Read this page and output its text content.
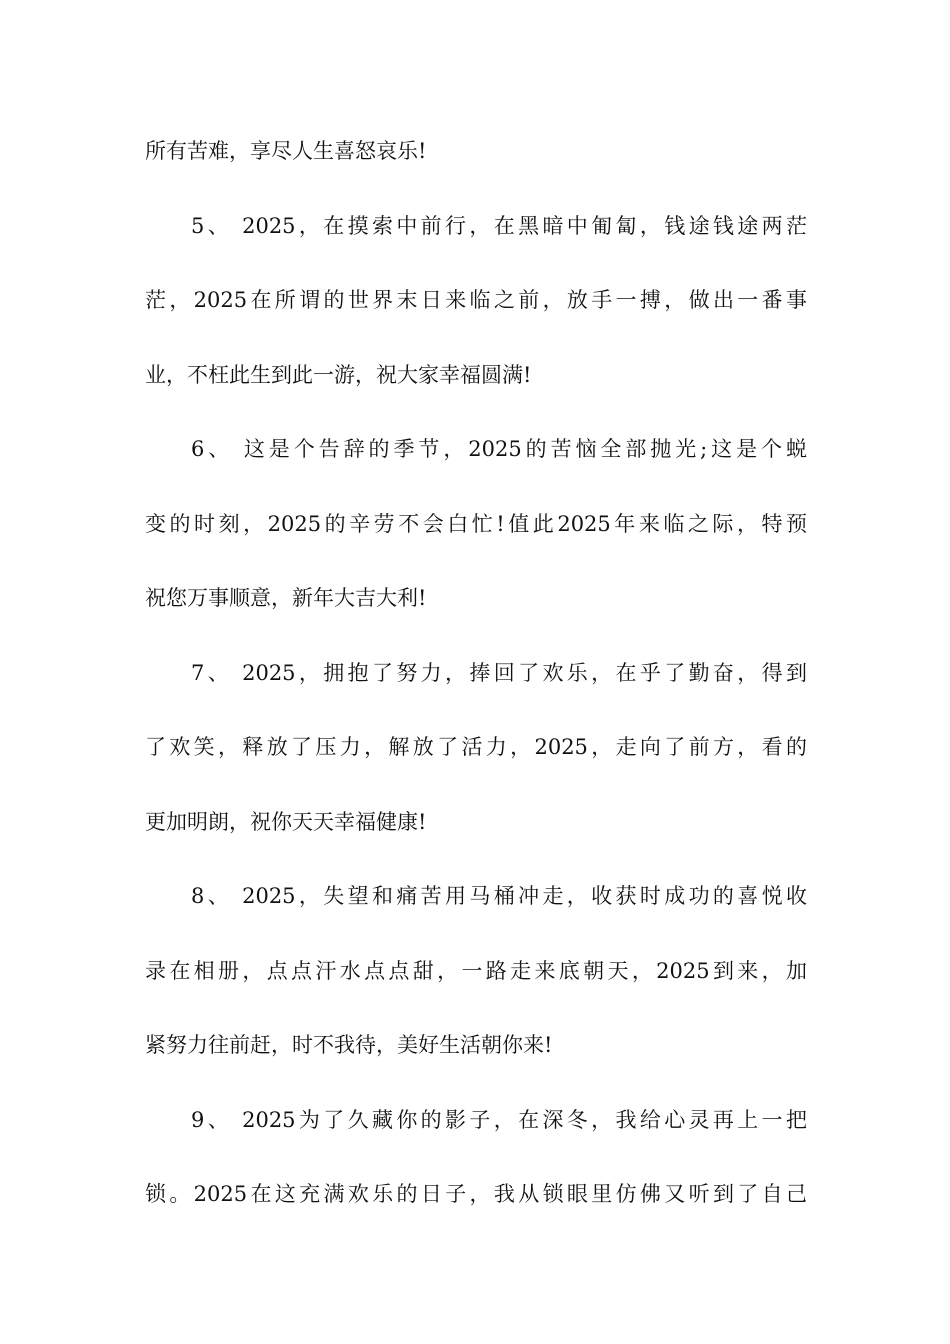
所有苦难，享尽人生喜怒哀乐!
5、 2025，在摸索中前行，在黑暗中匍匐，钱途钱途两茫
茫，2025在所谓的世界末日来临之前，放手一搏，做出一番事
业，不枉此生到此一游，祝大家幸福圆满!
6、 这是个告辞的季节，2025的苦恼全部抛光;这是个蜕
变的时刻，2025的辛劳不会白忙!值此2025年来临之际，特预
祝您万事顺意，新年大吉大利!
7、 2025，拥抱了努力，捧回了欢乐，在乎了勤奋，得到
了欢笑，释放了压力，解放了活力，2025，走向了前方，看的
更加明朗，祝你天天幸福健康!
8、 2025，失望和痛苦用马桶冲走，收获时成功的喜悦收
录在相册，点点汗水点点甜，一路走来底朝天，2025到来，加
紧努力往前赶，时不我待，美好生活朝你来!
9、 2025为了久藏你的影子，在深冬，我给心灵再上一把
锁。2025在这充满欢乐的日子，我从锁眼里仿佛又听到了自己
